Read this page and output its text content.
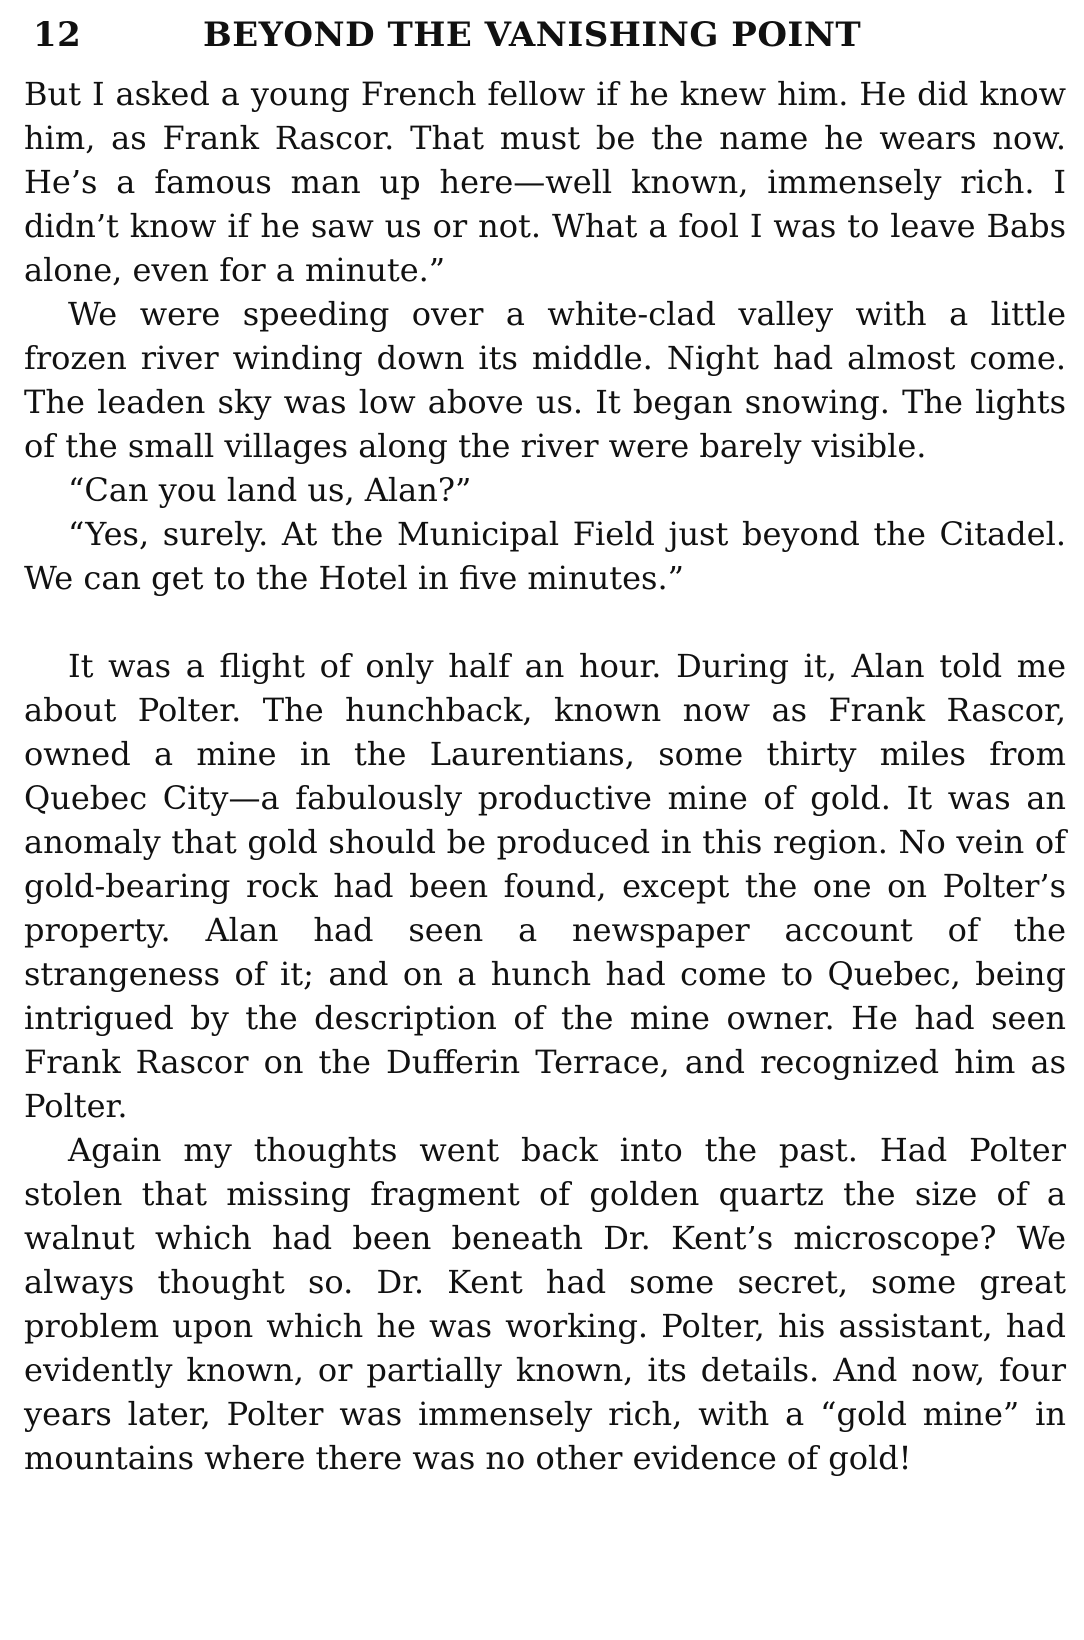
12	BEYOND THE VANISHING POINT

But I asked a young French fellow if he knew him. He did know him, as Frank Rascor. That must be the name he wears now. He’s a famous man up here—well known, immensely rich. I didn’t know if he saw us or not. What a fool I was to leave Babs alone, even for a minute.”

We were speeding over a white-clad valley with a little frozen river winding down its middle. Night had almost come. The leaden sky was low above us. It began snowing. The lights of the small villages along the river were barely visible.

“Can you land us, Alan?”

“Yes, surely. At the Municipal Field just beyond the Citadel. We can get to the Hotel in five minutes.”

It was a flight of only half an hour. During it, Alan told me about Polter. The hunchback, known now as Frank Rascor, owned a mine in the Laurentians, some thirty miles from Quebec City—a fabulously productive mine of gold. It was an anomaly that gold should be produced in this region. No vein of gold-bearing rock had been found, except the one on Polter’s property. Alan had seen a newspaper account of the strangeness of it; and on a hunch had come to Quebec, being intrigued by the description of the mine owner. He had seen Frank Rascor on the Dufferin Terrace, and recognized him as Polter.

Again my thoughts went back into the past. Had Polter stolen that missing fragment of golden quartz the size of a walnut which had been beneath Dr. Kent’s microscope? We always thought so. Dr. Kent had some secret, some great problem upon which he was working. Polter, his assistant, had evidently known, or partially known, its details. And now, four years later, Polter was immensely rich, with a “gold mine” in mountains where there was no other evidence of gold!
